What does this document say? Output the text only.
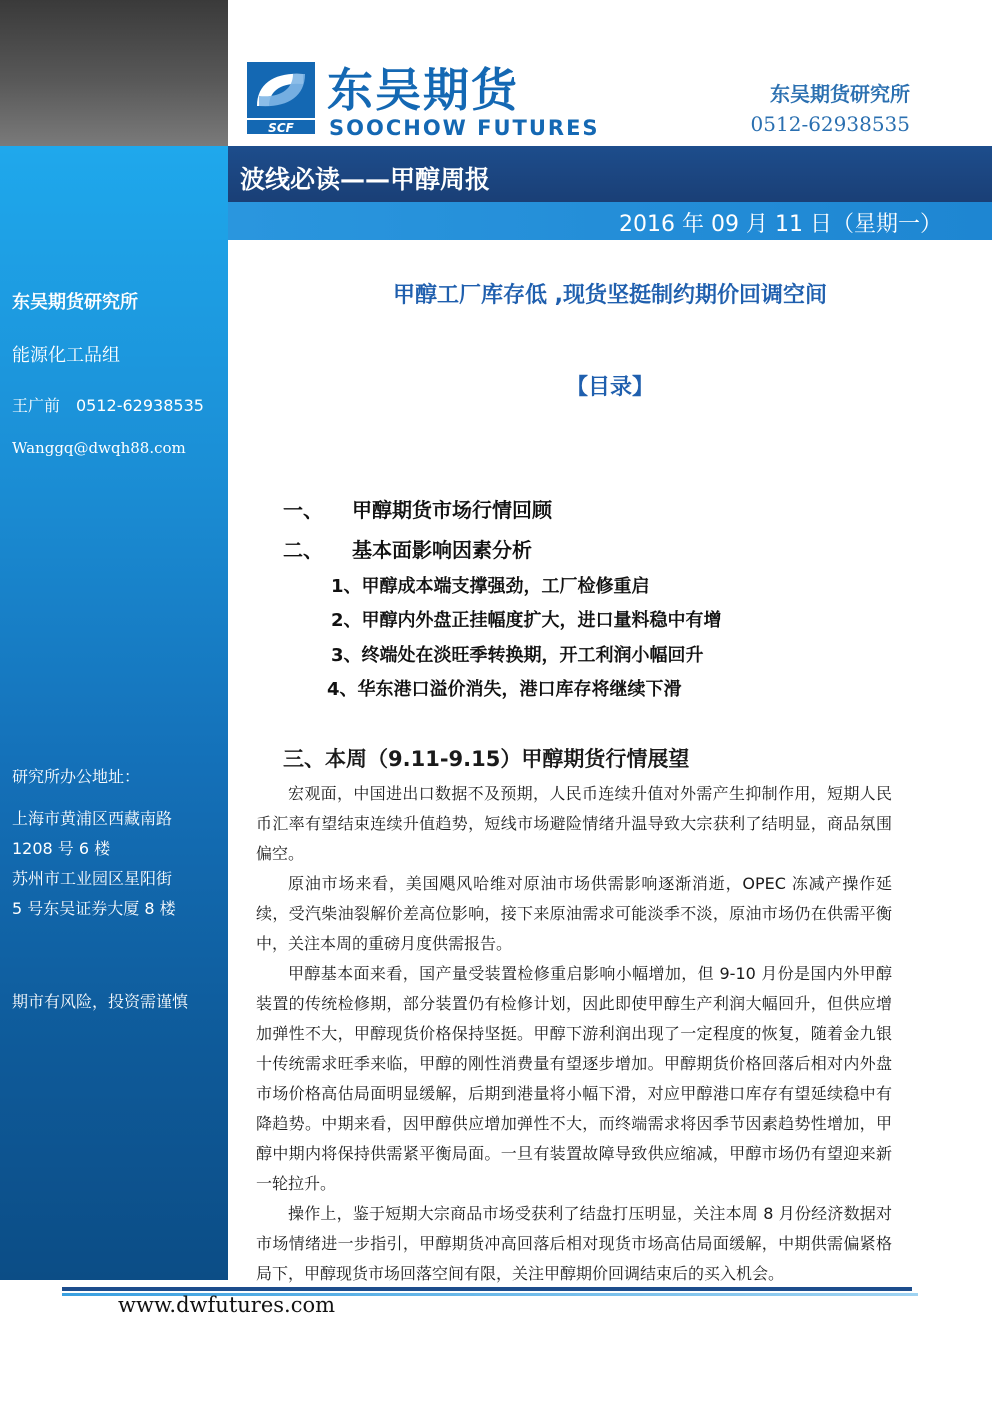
东吴期货研究所
能源化工品组
王广前　0512-62938535
Wanggq@dwqh88.com
研究所办公地址：
上海市黄浦区西藏南路
1208 号 6 楼
苏州市工业园区星阳街
5 号东吴证券大厦 8 楼
期市有风险，投资需谨慎
SCF
东吴期货
SOOCHOW FUTURES
东吴期货研究所
0512-62938535
波线必读——甲醇周报
2016 年 09 月 11 日（星期一）
甲醇工厂库存低 ,现货坚挺制约期价回调空间
【目录】
一、 甲醇期货市场行情回顾
二、 基本面影响因素分析
1、甲醇成本端支撑强劲，工厂检修重启
2、甲醇内外盘正挂幅度扩大，进口量料稳中有增
3、终端处在淡旺季转换期，开工利润小幅回升
4、华东港口溢价消失，港口库存将继续下滑
三、本周（9.11-9.15）甲醇期货行情展望

宏观面，中国进出口数据不及预期，人民币连续升值对外需产生抑制作用，短期人民币汇率有望结束连续升值趋势，短线市场避险情绪升温导致大宗获利了结明显，商品氛围偏空。

原油市场来看，美国飓风哈维对原油市场供需影响逐渐消逝，OPEC 冻减产操作延续，受汽柴油裂解价差高位影响，接下来原油需求可能淡季不淡，原油市场仍在供需平衡中，关注本周的重磅月度供需报告。

甲醇基本面来看，国产量受装置检修重启影响小幅增加，但 9-10 月份是国内外甲醇装置的传统检修期，部分装置仍有检修计划，因此即使甲醇生产利润大幅回升，但供应增加弹性不大，甲醇现货价格保持坚挺。甲醇下游利润出现了一定程度的恢复，随着金九银十传统需求旺季来临，甲醇的刚性消费量有望逐步增加。甲醇期货价格回落后相对内外盘市场价格高估局面明显缓解，后期到港量将小幅下滑，对应甲醇港口库存有望延续稳中有降趋势。中期来看，因甲醇供应增加弹性不大，而终端需求将因季节因素趋势性增加，甲醇中期内将保持供需紧平衡局面。一旦有装置故障导致供应缩减，甲醇市场仍有望迎来新一轮拉升。

操作上，鉴于短期大宗商品市场受获利了结盘打压明显，关注本周 8 月份经济数据对市场情绪进一步指引，甲醇期货冲高回落后相对现货市场高估局面缓解，中期供需偏紧格局下，甲醇现货市场回落空间有限，关注甲醇期价回调结束后的买入机会。

www.dwfutures.com
